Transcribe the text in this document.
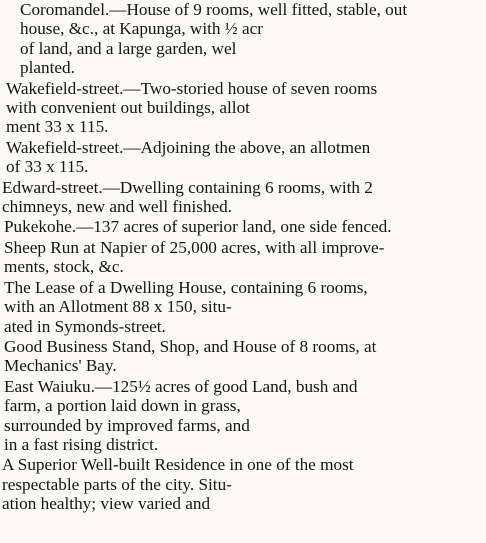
Coromandel.—House of 9 rooms, well fitted, stable, out
house, &c., at Kapunga, with ½ acr
of land, and a large garden, wel
planted.

Wakefield-street.—Two-storied house of seven rooms
with convenient out buildings, allot
ment 33 x 115.

Wakefield-street.—Adjoining the above, an allotmen
of 33 x 115.

Edward-street.—Dwelling containing 6 rooms, with 2
chimneys, new and well finished.

Pukekohe.—137 acres of superior land, one side fenced.

Sheep Run at Napier of 25,000 acres, with all improve-
ments, stock, &c.

The Lease of a Dwelling House, containing 6 rooms,
with an Allotment 88 x 150, situ-
ated in Symonds-street.

Good Business Stand, Shop, and House of 8 rooms, at
Mechanics' Bay.

East Waiuku.—125½ acres of good Land, bush and
farm, a portion laid down in grass,
surrounded by improved farms, and
in a fast rising district.

A Superior Well-built Residence in one of the most
respectable parts of the city. Situ-
ation healthy; view varied and
